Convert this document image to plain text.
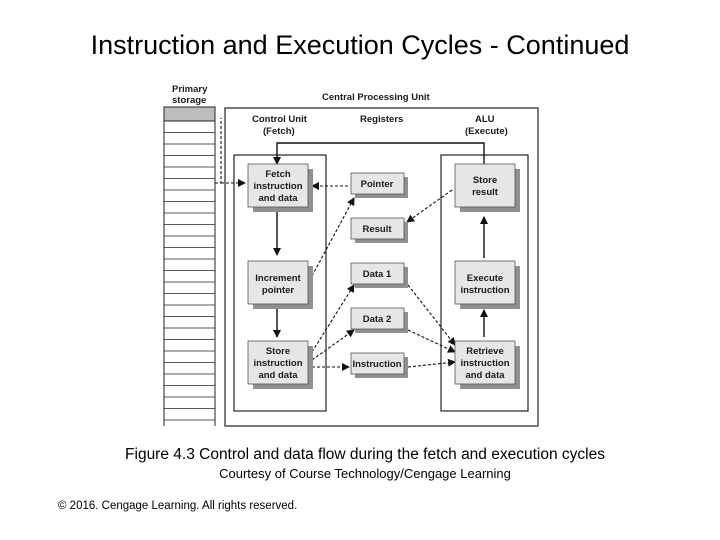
Instruction and Execution Cycles - Continued
Primary
storage	Central Processing Unit
Control Unit
(Fetch)
Registers	ALU
(Execute)
Fetch
instruction
and data
Increment
pointer
Store
instruction
and data
Pointer
Result
Data 1
Data 2
Instruction
Store
result
Execute
instruction
Retrieve
instruction
and data
Figure 4.3 Control and data flow during the fetch and execution cycles
Courtesy of Course Technology/Cengage Learning
© 2016. Cengage Learning. All rights reserved.
